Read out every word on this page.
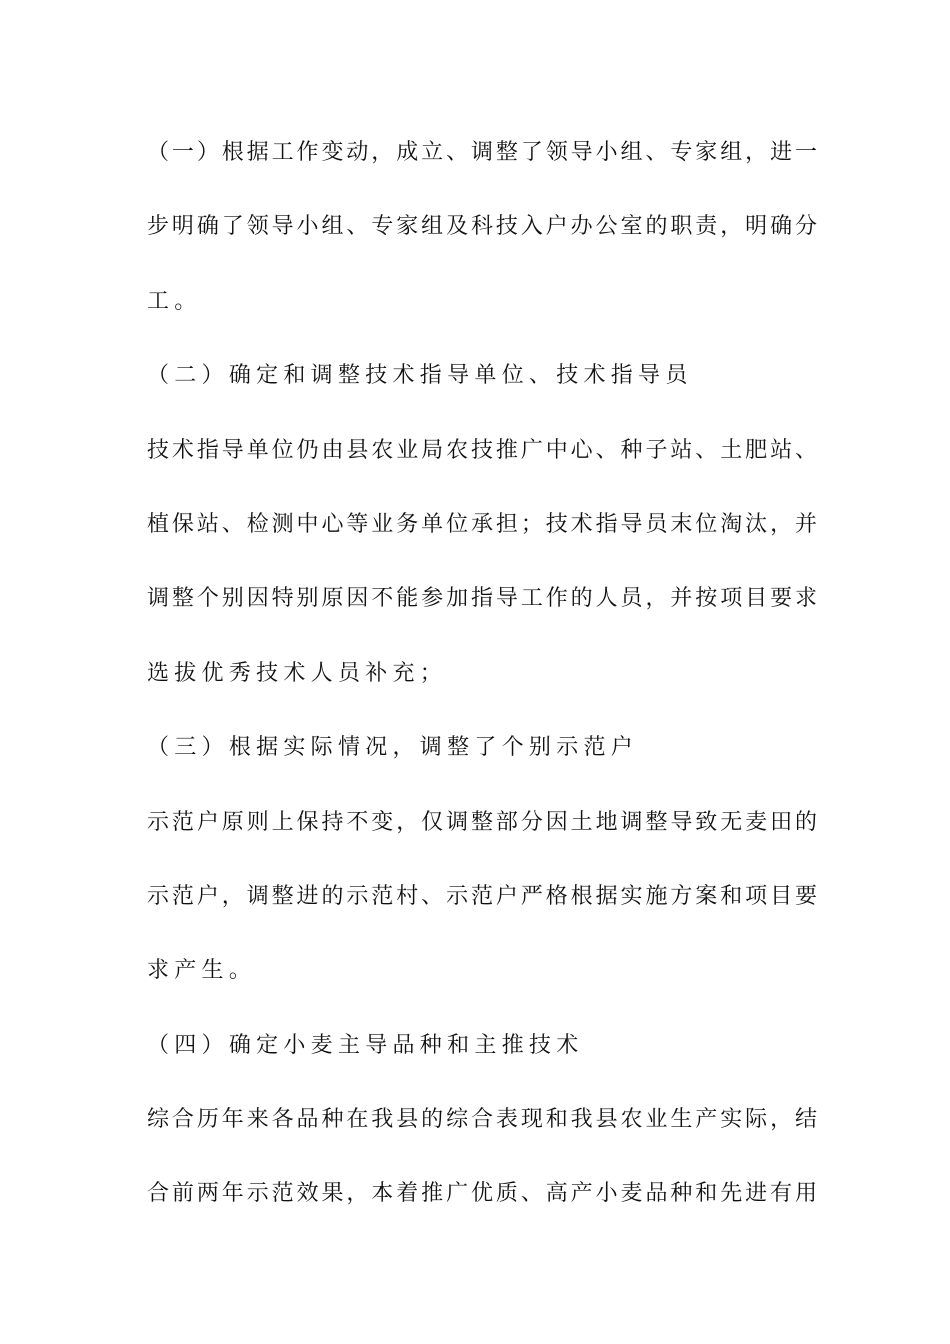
（一）根据工作变动，成立、调整了领导小组、专家组，进一
步明确了领导小组、专家组及科技入户办公室的职责，明确分
工。
（二）确定和调整技术指导单位、技术指导员
技术指导单位仍由县农业局农技推广中心、种子站、土肥站、
植保站、检测中心等业务单位承担；技术指导员末位淘汰，并
调整个别因特别原因不能参加指导工作的人员，并按项目要求
选拔优秀技术人员补充；
（三）根据实际情况，调整了个别示范户
示范户原则上保持不变，仅调整部分因土地调整导致无麦田的
示范户，调整进的示范村、示范户严格根据实施方案和项目要
求产生。
（四）确定小麦主导品种和主推技术
综合历年来各品种在我县的综合表现和我县农业生产实际，结
合前两年示范效果，本着推广优质、高产小麦品种和先进有用
